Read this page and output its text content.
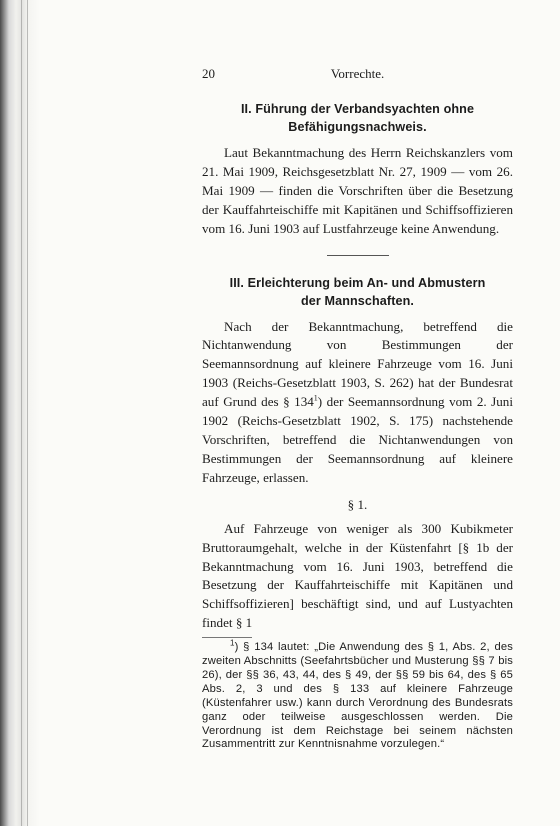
20	Vorrechte.
II. Führung der Verbandsyachten ohne
Befähigungsnachweis.

Laut Bekanntmachung des Herrn Reichskanzlers vom 21. Mai 1909, Reichsgesetzblatt Nr. 27, 1909 — vom 26. Mai 1909 — finden die Vorschriften über die Besetzung der Kauffahrteischiffe mit Kapitänen und Schiffsoffizieren vom 16. Juni 1903 auf Lustfahrzeuge keine Anwendung.

III. Erleichterung beim An- und Abmustern
der Mannschaften.

Nach der Bekanntmachung, betreffend die Nichtanwendung von Bestimmungen der Seemannsordnung auf kleinere Fahrzeuge vom 16. Juni 1903 (Reichs-Gesetzblatt 1903, S. 262) hat der Bundesrat auf Grund des § $134^1$) der Seemannsordnung vom 2. Juni 1902 (Reichs-Gesetzblatt 1902, S. 175) nachstehende Vorschriften, betreffend die Nichtanwendungen von Bestimmungen der Seemannsordnung auf kleinere Fahrzeuge, erlassen.

§ 1.

Auf Fahrzeuge von weniger als 300 Kubikmeter Bruttoraumgehalt, welche in der Küstenfahrt [§ 1b der Bekanntmachung vom 16. Juni 1903, betreffend die Besetzung der Kauffahrteischiffe mit Kapitänen und Schiffsoffizieren] beschäftigt sind, und auf Lustyachten findet § 1

$^1$) § 134 lautet: „Die Anwendung des § 1, Abs. 2, des zweiten Abschnitts (Seefahrtsbücher und Musterung §§ 7 bis 26), der §§ 36, 43, 44, des § 49, der §§ 59 bis 64, des § 65 Abs. 2, 3 und des § 133 auf kleinere Fahrzeuge (Küstenfahrer usw.) kann durch Verordnung des Bundesrats ganz oder teilweise ausgeschlossen werden. Die Verordnung ist dem Reichstage bei seinem nächsten Zusammentritt zur Kenntnisnahme vorzulegen.“
